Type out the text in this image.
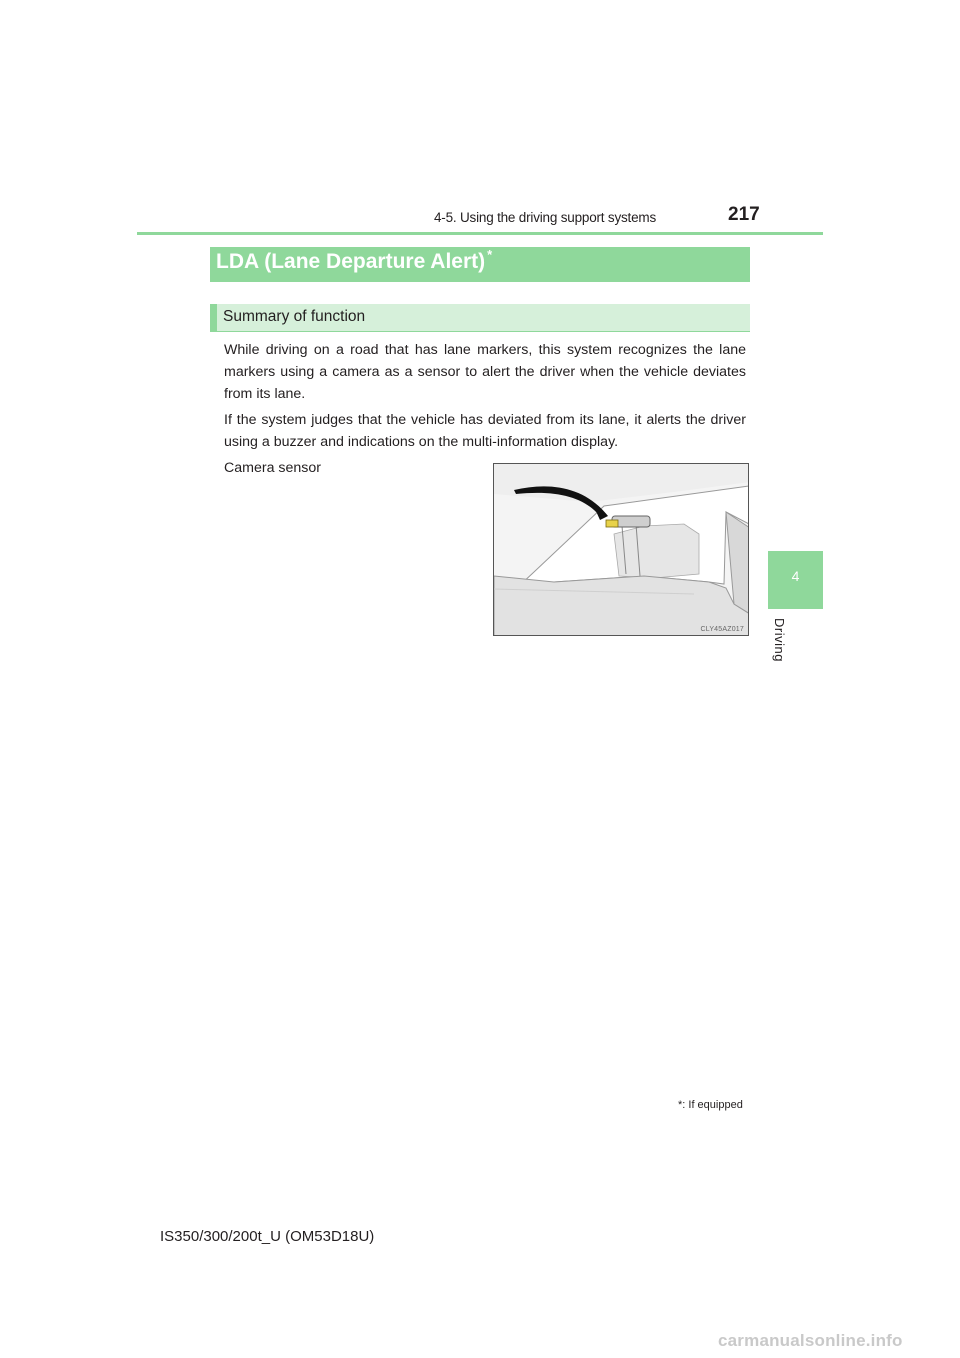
4-5. Using the driving support systems	217
4
Driving
LDA (Lane Departure Alert) *
Summary of function
While driving on a road that has lane markers, this system recognizes the lane markers using a camera as a sensor to alert the driver when the vehicle deviates from its lane.
If the system judges that the vehicle has deviated from its lane, it alerts the driver using a buzzer and indications on the multi-information display.
Camera sensor
CLY45AZ017
*: If equipped
IS350/300/200t_U (OM53D18U)
carmanualsonline.info
